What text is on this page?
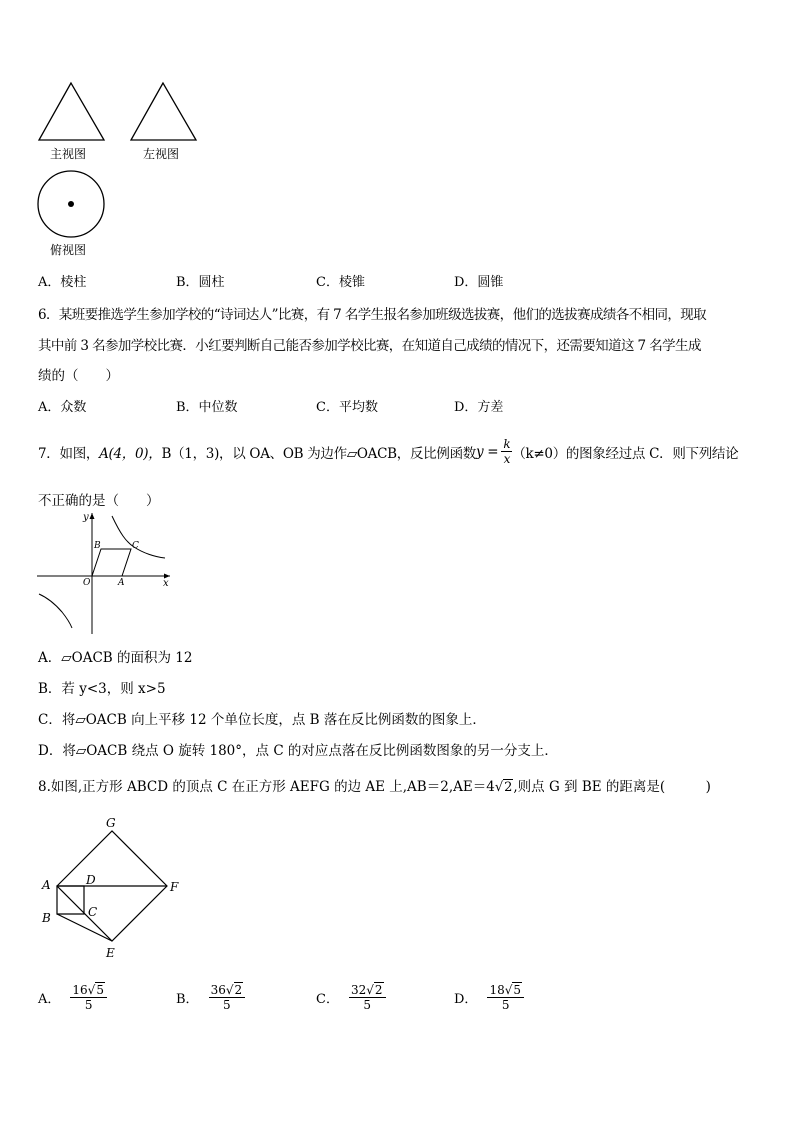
主视图	左视图
俯视图
A．棱柱	B．圆柱	C．棱锥	D．圆锥
6．某班要推选学生参加学校的“诗词达人”比赛，有 7 名学生报名参加班级选拔赛，他们的选拔赛成绩各不相同，现取
其中前 3 名参加学校比赛．小红要判断自己能否参加学校比赛，在知道自己成绩的情况下，还需要知道这 7 名学生成
绩的（　　）
A．众数	B．中位数	C．平均数	D．方差
7．如图， A(4，0)， B（1，3)，以 OA、OB 为边作▱OACB，反比例函数 $y = \frac{k}{x} (k\ne 0)$的图象经过点 C．则下列结论
不正确的是（　　）
y
x
O	A
B	C
A．▱OACB 的面积为 12
B．若 y<3，则 x>5
C．将▱OACB 向上平移 12 个单位长度，点 B 落在反比例函数的图象上．
D．将▱OACB 绕点 O 旋转 180°，点 C 的对应点落在反比例函数图象的另一分支上．
8.如图,正方形 ABCD 的顶点 C 在正方形 AEFG 的边 AE 上,AB＝2,AE＝4 √2 ,则点 G 到 BE 的距离是(　　　)
G
A	D	F
B	C
E
A． $\frac{16√5}{5}$	B． $\frac{36√2}{5}$	C． $\frac{32√2}{5}$	D． $\frac{18√5}{5}$
